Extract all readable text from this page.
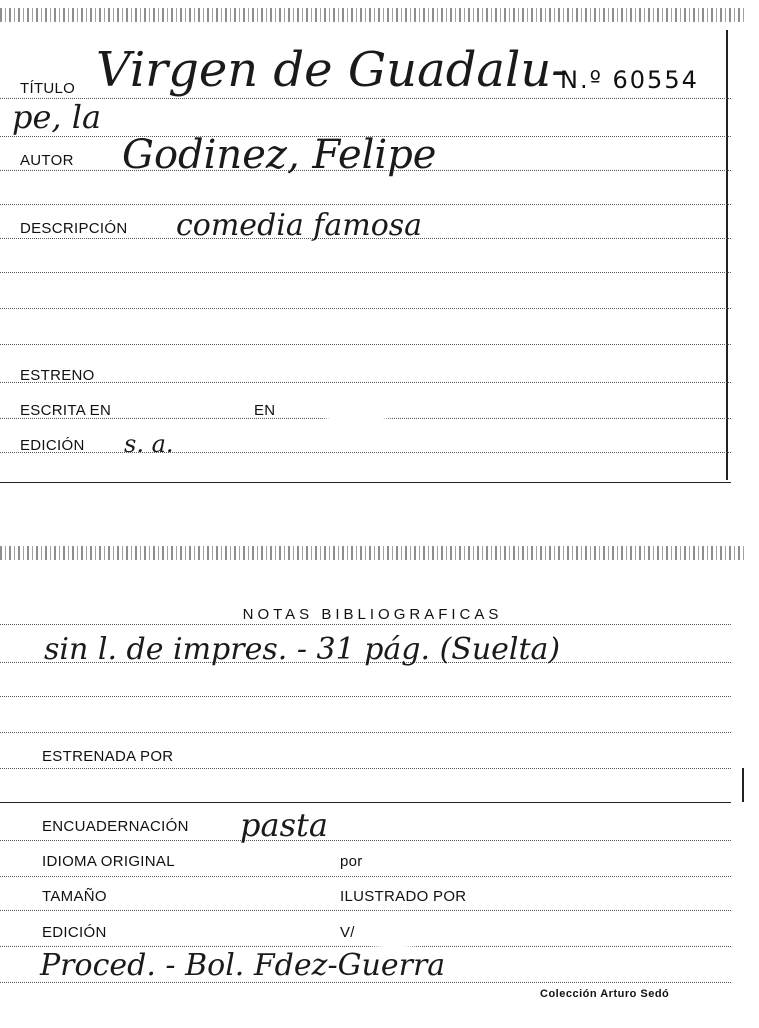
TÍTULO Virgen de Guadalu-
N.º 60554
pe, la
AUTOR Godinez, Felipe
DESCRIPCIÓN comedia famosa
ESTRENO
ESCRITA EN	EN
EDICIÓN s. a.
NOTAS BIBLIOGRAFICAS
sin l. de impres. - 31 pág. (Suelta)
ESTRENADA POR
ENCUADERNACIÓN pasta
IDIOMA ORIGINAL	por
TAMAÑO	ILUSTRADO POR
EDICIÓN	V/
Proced. - Bol. Fdez-Guerra
Colección Arturo Sedó
